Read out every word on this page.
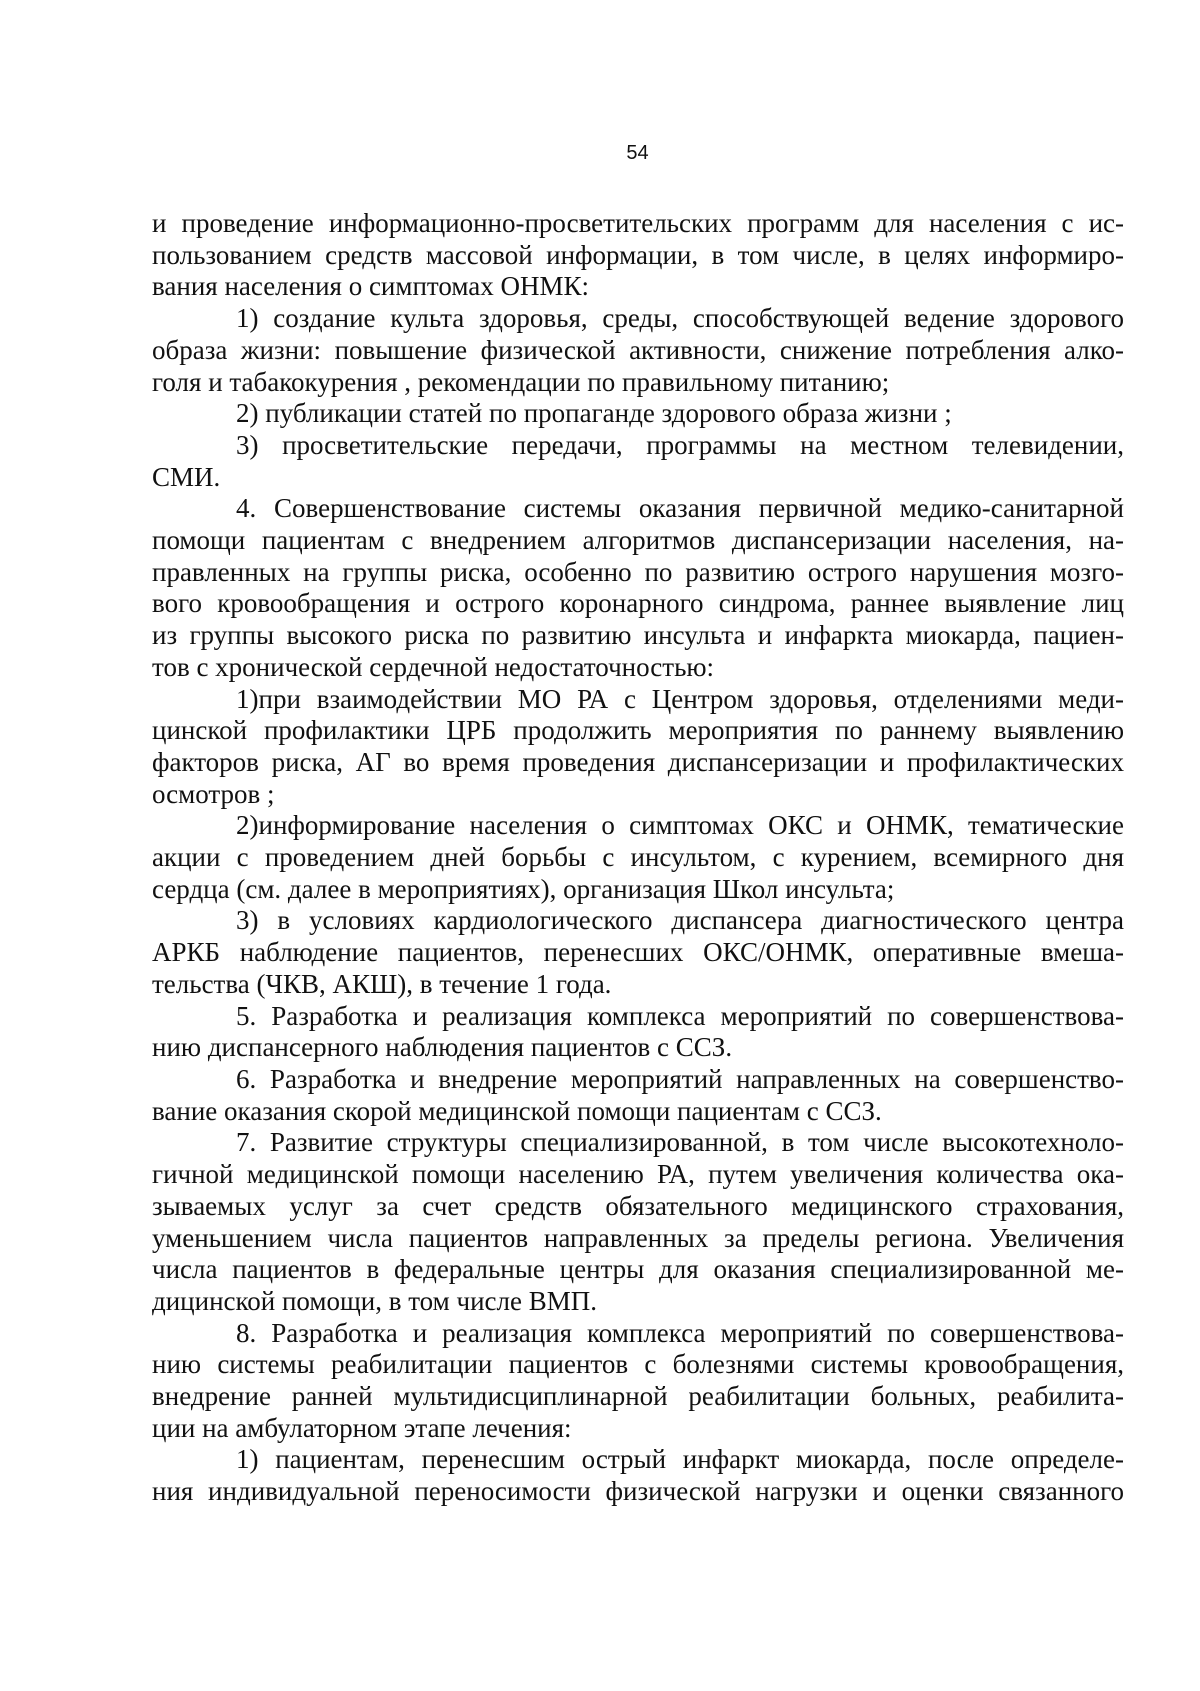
54
и проведение информационно-просветительских программ для населения с ис-
пользованием средств массовой информации, в том числе, в целях информиро-
вания населения о симптомах ОНМК:
1) создание культа здоровья, среды, способствующей ведение здорового
образа жизни: повышение физической активности, снижение потребления алко-
голя и табакокурения , рекомендации по правильному питанию;
2) публикации статей по пропаганде здорового образа жизни ;
3) просветительские передачи, программы на местном телевидении,
СМИ.
4. Совершенствование системы оказания первичной медико-санитарной
помощи пациентам с внедрением алгоритмов диспансеризации населения, на-
правленных на группы риска, особенно по развитию острого нарушения мозго-
вого кровообращения и острого коронарного синдрома, раннее выявление лиц
из группы высокого риска по развитию инсульта и инфаркта миокарда, пациен-
тов с хронической сердечной недостаточностью:
1)при взаимодействии МО РА с Центром здоровья, отделениями меди-
цинской профилактики ЦРБ продолжить мероприятия по раннему выявлению
факторов риска, АГ во время проведения диспансеризации и профилактических
осмотров ;
2)информирование населения о симптомах ОКС и ОНМК, тематические
акции с проведением дней борьбы с инсультом, с курением, всемирного дня
сердца (см. далее в мероприятиях), организация Школ инсульта;
3) в условиях кардиологического диспансера диагностического центра
АРКБ наблюдение пациентов, перенесших ОКС/ОНМК, оперативные вмеша-
тельства (ЧКВ, АКШ), в течение 1 года.
5. Разработка и реализация комплекса мероприятий по совершенствова-
нию диспансерного наблюдения пациентов с ССЗ.
6. Разработка и внедрение мероприятий направленных на совершенство-
вание оказания скорой медицинской помощи пациентам с ССЗ.
7. Развитие структуры специализированной, в том числе высокотехноло-
гичной медицинской помощи населению РА, путем увеличения количества ока-
зываемых услуг за счет средств обязательного медицинского страхования,
уменьшением числа пациентов направленных за пределы региона. Увеличения
числа пациентов в федеральные центры для оказания специализированной ме-
дицинской помощи, в том числе ВМП.
8. Разработка и реализация комплекса мероприятий по совершенствова-
нию системы реабилитации пациентов с болезнями системы кровообращения,
внедрение ранней мультидисциплинарной реабилитации больных, реабилита-
ции на амбулаторном этапе лечения:
1) пациентам, перенесшим острый инфаркт миокарда, после определе-
ния индивидуальной переносимости физической нагрузки и оценки связанного
